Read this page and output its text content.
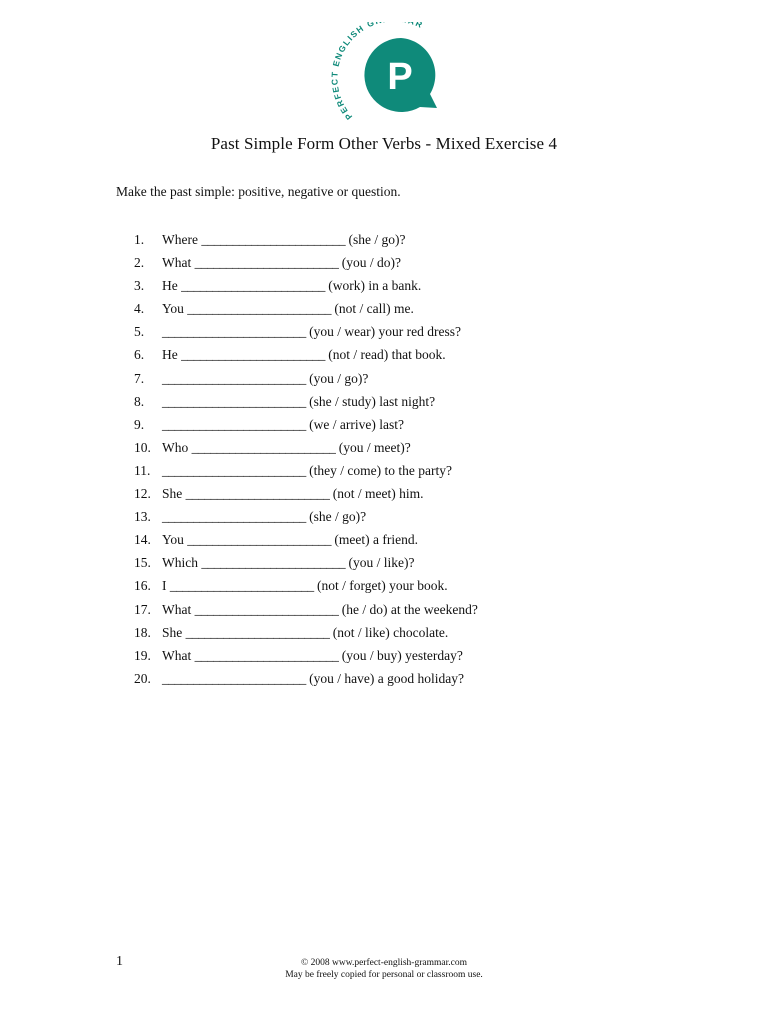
PERFECT ENGLISH G R
P
Past Simple Form Other Verbs - Mixed Exercise 4
Make the past simple: positive, negative or question.
1.	Where _______________________ (she / go)?
2.	What _______________________ (you / do)?
3.	He _______________________ (work) in a bank.
4.	You _______________________ (not / call) me.
5.	_______________________ (you / wear) your red dress?
6.	He _______________________ (not / read) that book.
7.	_______________________ (you / go)?
8.	_______________________ (she / study) last night?
9.	_______________________ (we / arrive) last?
10. Who _______________________ (you / meet)?
11. _______________________ (they / come) to the party?
12. She _______________________ (not / meet) him.
13. _______________________ (she / go)?
14. You _______________________ (meet) a friend.
15. Which _______________________ (you / like)?
16. I _______________________ (not / forget) your book.
17. What _______________________ (he / do) at the weekend?
18. She _______________________ (not / like) chocolate.
19. What _______________________ (you / buy) yesterday?
20. _______________________ (you / have) a good holiday?
1	© 2008 www.perfect-english-grammar.com
May be freely copied for personal or classroom use.
